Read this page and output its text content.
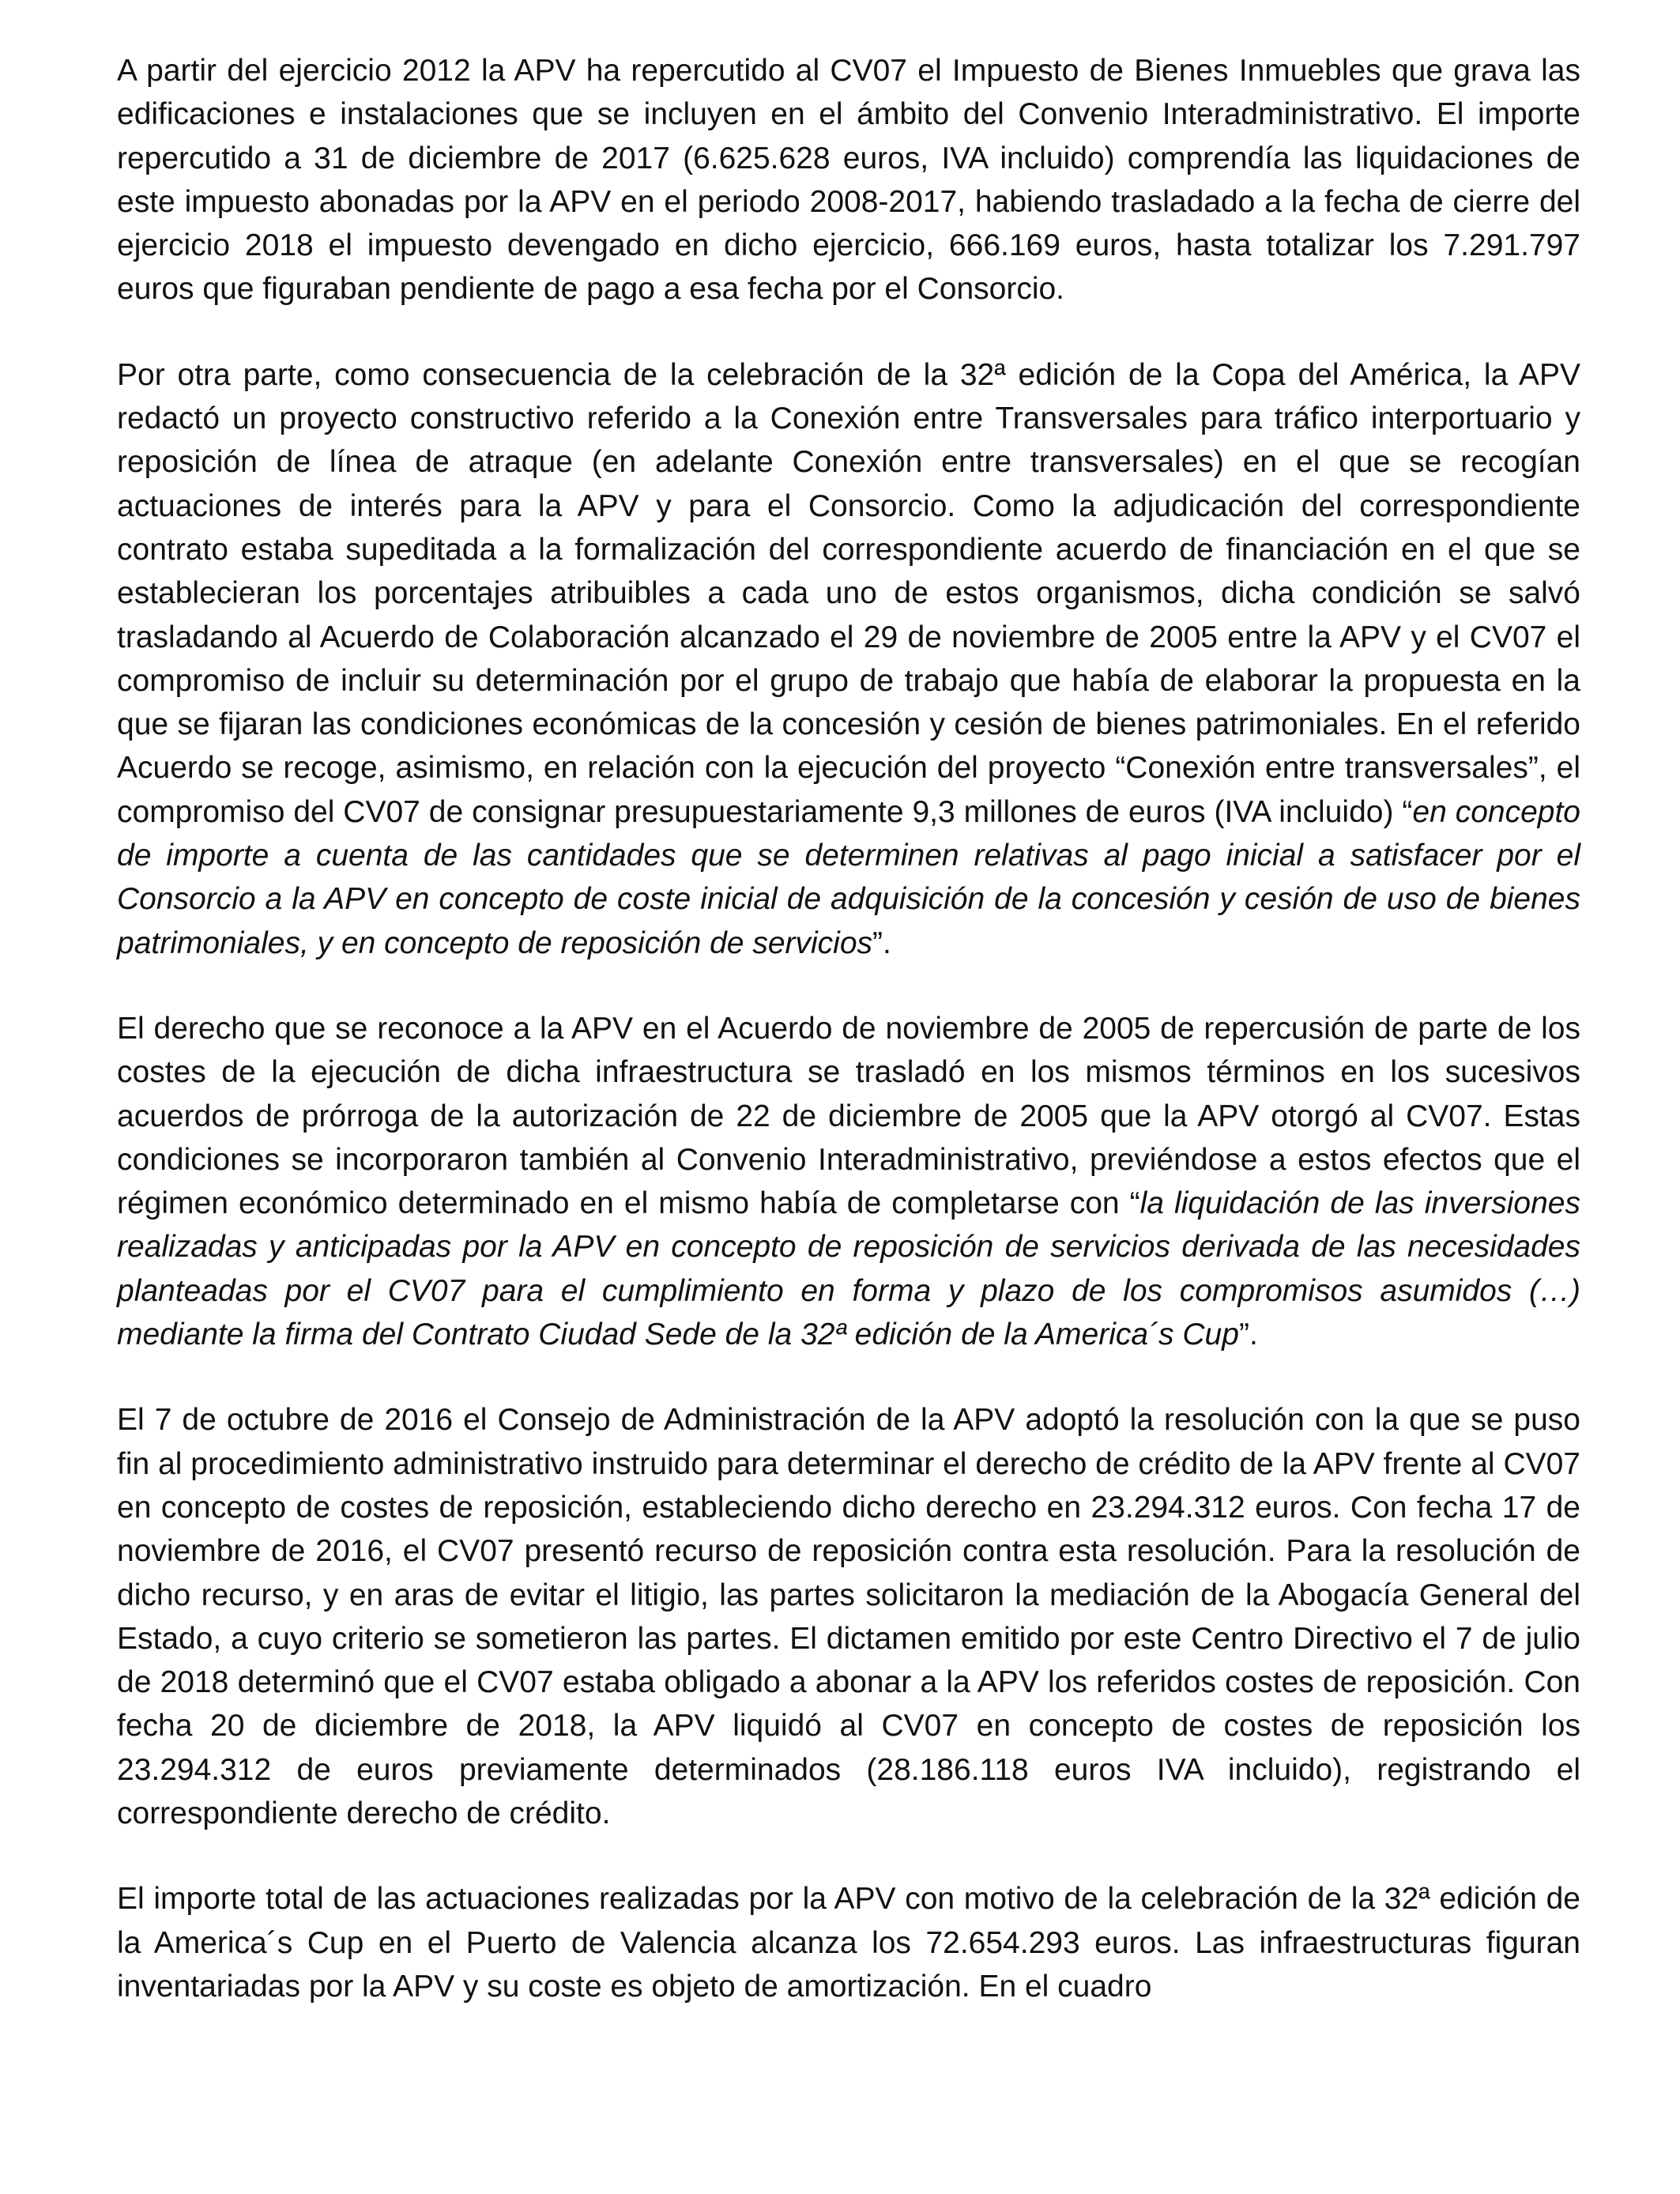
A partir del ejercicio 2012 la APV ha repercutido al CV07 el Impuesto de Bienes Inmuebles que grava las edificaciones e instalaciones que se incluyen en el ámbito del Convenio Interadministrativo. El importe repercutido a 31 de diciembre de 2017 (6.625.628 euros, IVA incluido) comprendía las liquidaciones de este impuesto abonadas por la APV en el periodo 2008-2017, habiendo trasladado a la fecha de cierre del ejercicio 2018 el impuesto devengado en dicho ejercicio, 666.169 euros, hasta totalizar los 7.291.797 euros que figuraban pendiente de pago a esa fecha por el Consorcio.

Por otra parte, como consecuencia de la celebración de la 32ª edición de la Copa del América, la APV redactó un proyecto constructivo referido a la Conexión entre Transversales para tráfico interportuario y reposición de línea de atraque (en adelante Conexión entre transversales) en el que se recogían actuaciones de interés para la APV y para el Consorcio. Como la adjudicación del correspondiente contrato estaba supeditada a la formalización del correspondiente acuerdo de financiación en el que se establecieran los porcentajes atribuibles a cada uno de estos organismos, dicha condición se salvó trasladando al Acuerdo de Colaboración alcanzado el 29 de noviembre de 2005 entre la APV y el CV07 el compromiso de incluir su determinación por el grupo de trabajo que había de elaborar la propuesta en la que se fijaran las condiciones económicas de la concesión y cesión de bienes patrimoniales. En el referido Acuerdo se recoge, asimismo, en relación con la ejecución del proyecto “Conexión entre transversales”, el compromiso del CV07 de consignar presupuestariamente 9,3 millones de euros (IVA incluido) “en concepto de importe a cuenta de las cantidades que se determinen relativas al pago inicial a satisfacer por el Consorcio a la APV en concepto de coste inicial de adquisición de la concesión y cesión de uso de bienes patrimoniales, y en concepto de reposición de servicios”.

El derecho que se reconoce a la APV en el Acuerdo de noviembre de 2005 de repercusión de parte de los costes de la ejecución de dicha infraestructura se trasladó en los mismos términos en los sucesivos acuerdos de prórroga de la autorización de 22 de diciembre de 2005 que la APV otorgó al CV07. Estas condiciones se incorporaron también al Convenio Interadministrativo, previéndose a estos efectos que el régimen económico determinado en el mismo había de completarse con “la liquidación de las inversiones realizadas y anticipadas por la APV en concepto de reposición de servicios derivada de las necesidades planteadas por el CV07 para el cumplimiento en forma y plazo de los compromisos asumidos (…) mediante la firma del Contrato Ciudad Sede de la 32ª edición de la America´s Cup”.

El 7 de octubre de 2016 el Consejo de Administración de la APV adoptó la resolución con la que se puso fin al procedimiento administrativo instruido para determinar el derecho de crédito de la APV frente al CV07 en concepto de costes de reposición, estableciendo dicho derecho en 23.294.312 euros. Con fecha 17 de noviembre de 2016, el CV07 presentó recurso de reposición contra esta resolución. Para la resolución de dicho recurso, y en aras de evitar el litigio, las partes solicitaron la mediación de la Abogacía General del Estado, a cuyo criterio se sometieron las partes. El dictamen emitido por este Centro Directivo el 7 de julio de 2018 determinó que el CV07 estaba obligado a abonar a la APV los referidos costes de reposición. Con fecha 20 de diciembre de 2018, la APV liquidó al CV07 en concepto de costes de reposición los 23.294.312 de euros previamente determinados (28.186.118 euros IVA incluido), registrando el correspondiente derecho de crédito.

El importe total de las actuaciones realizadas por la APV con motivo de la celebración de la 32ª edición de la America´s Cup en el Puerto de Valencia alcanza los 72.654.293 euros. Las infraestructuras figuran inventariadas por la APV y su coste es objeto de amortización. En el cuadro
